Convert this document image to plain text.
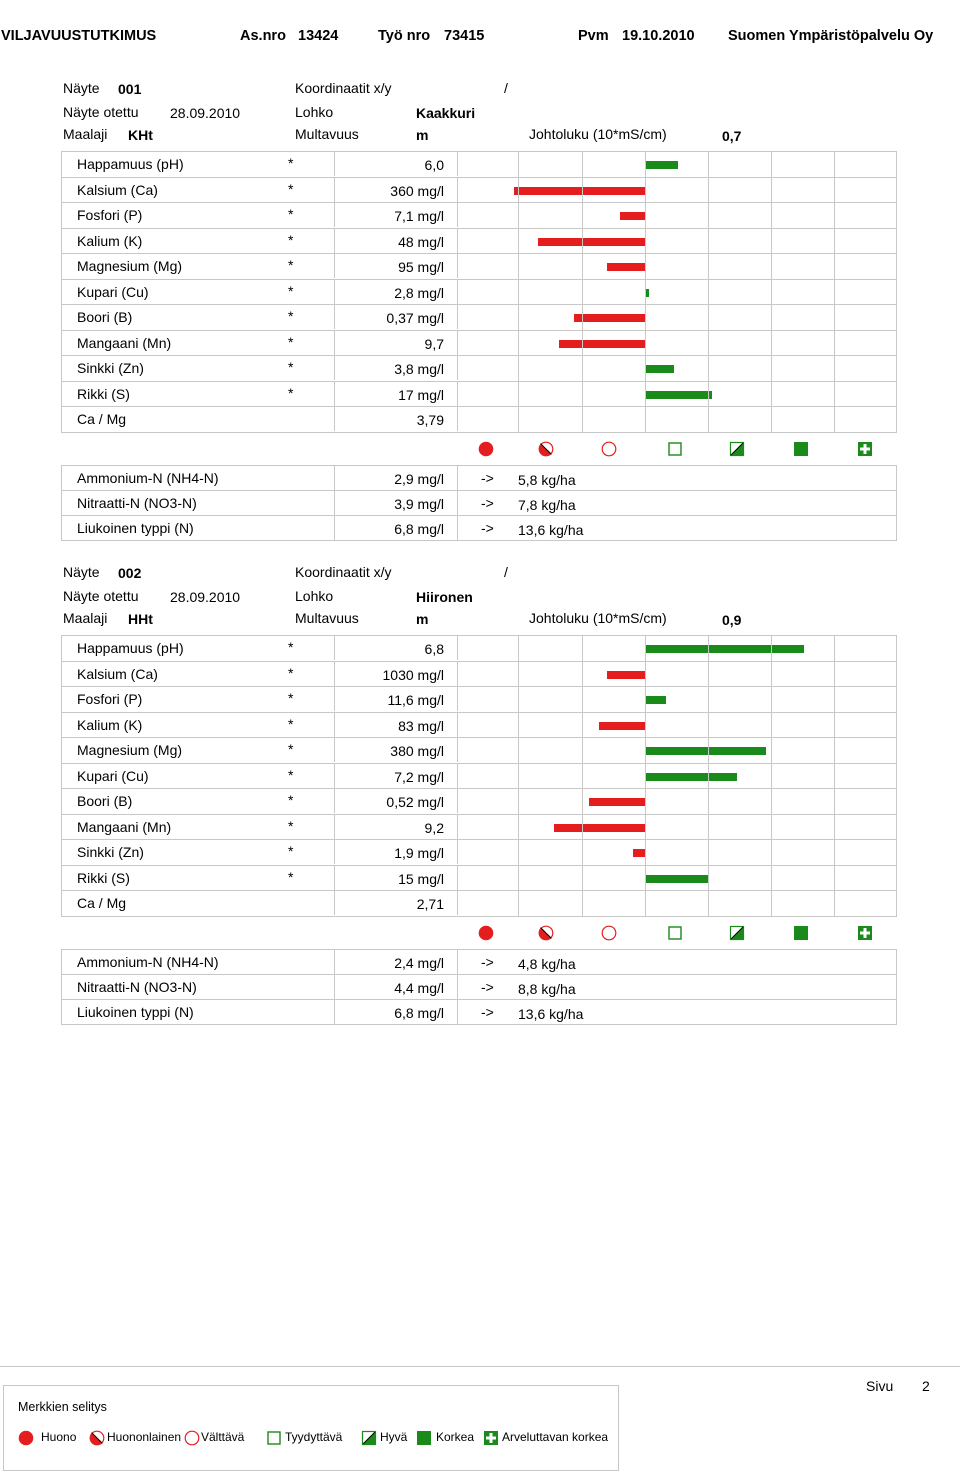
VILJAVUUSTUTKIMUS	As.nro 13424	Työ nro 73415	Pvm 19.10.2010 Suomen Ympäristöpalvelu Oy
Näyte 001	Koordinaatit x/y	/
Näyte otettu 28.09.2010	Lohko	Kaakkuri
Maalaji KHt	Multavuus	m	Johtoluku (10*mS/cm)	0,7
Happamuus (pH)	*	6,0
Kalsium (Ca)	*	360 mg/l
Fosfori (P)	*	7,1 mg/l
Kalium (K)	*	48 mg/l
Magnesium (Mg)	*	95 mg/l
Kupari (Cu)	*	2,8 mg/l
Boori (B)	*	0,37 mg/l
Mangaani (Mn)	*	9,7
Sinkki (Zn)	*	3,8 mg/l
Rikki (S)	*	17 mg/l
Ca / Mg	3,79
Ammonium-N (NH4-N)	2,9 mg/l	-> 5,8 kg/ha
Nitraatti-N (NO3-N)	3,9 mg/l	-> 7,8 kg/ha
Liukoinen typpi (N)	6,8 mg/l	-> 13,6 kg/ha
Näyte 002	Koordinaatit x/y	/
Näyte otettu 28.09.2010	Lohko	Hiironen
Maalaji HHt	Multavuus	m	Johtoluku (10*mS/cm)	0,9
Happamuus (pH)	*	6,8
Kalsium (Ca)	*	1030 mg/l
Fosfori (P)	*	11,6 mg/l
Kalium (K)	*	83 mg/l
Magnesium (Mg)	*	380 mg/l
Kupari (Cu)	*	7,2 mg/l
Boori (B)	*	0,52 mg/l
Mangaani (Mn)	*	9,2
Sinkki (Zn)	*	1,9 mg/l
Rikki (S)	*	15 mg/l
Ca / Mg	2,71
Ammonium-N (NH4-N)	2,4 mg/l	-> 4,8 kg/ha
Nitraatti-N (NO3-N)	4,4 mg/l	-> 8,8 kg/ha
Liukoinen typpi (N)	6,8 mg/l	-> 13,6 kg/ha
Sivu 2
Merkkien selitys
Huono	Huononlainen Välttävä	Tyydyttävä	Hyvä Korkea Arveluttavan korkea
